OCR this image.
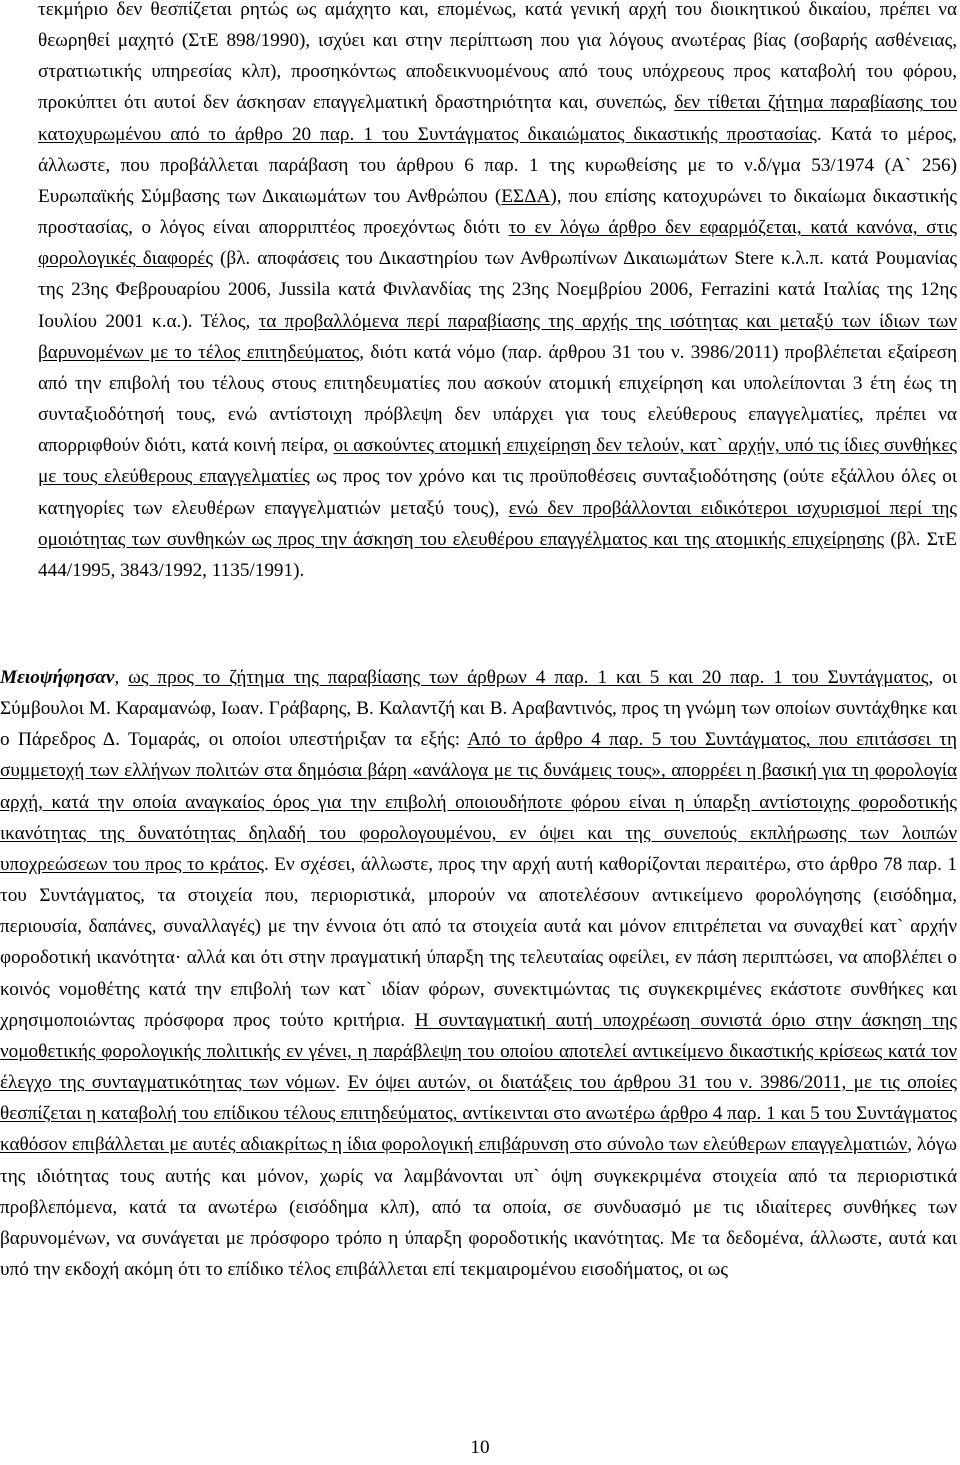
τεκμήριο δεν θεσπίζεται ρητώς ως αμάχητο και, επομένως, κατά γενική αρχή του διοικητικού δικαίου, πρέπει να θεωρηθεί μαχητό (ΣτΕ 898/1990), ισχύει και στην περίπτωση που για λόγους ανωτέρας βίας (σοβαρής ασθένειας, στρατιωτικής υπηρεσίας κλπ), προσηκόντως αποδεικνυομένους από τους υπόχρεους προς καταβολή του φόρου, προκύπτει ότι αυτοί δεν άσκησαν επαγγελματική δραστηριότητα και, συνεπώς, δεν τίθεται ζήτημα παραβίασης του κατοχυρωμένου από το άρθρο 20 παρ. 1 του Συντάγματος δικαιώματος δικαστικής προστασίας. Κατά το μέρος, άλλωστε, που προβάλλεται παράβαση του άρθρου 6 παρ. 1 της κυρωθείσης με το ν.δ/γμα 53/1974 (Α` 256) Ευρωπαϊκής Σύμβασης των Δικαιωμάτων του Ανθρώπου (ΕΣΔΑ), που επίσης κατοχυρώνει το δικαίωμα δικαστικής προστασίας, ο λόγος είναι απορριπτέος προεχόντως διότι το εν λόγω άρθρο δεν εφαρμόζεται, κατά κανόνα, στις φορολογικές διαφορές (βλ. αποφάσεις του Δικαστηρίου των Ανθρωπίνων Δικαιωμάτων Stere κ.λ.π. κατά Ρουμανίας της 23ης Φεβρουαρίου 2006, Jussila κατά Φινλανδίας της 23ης Νοεμβρίου 2006, Ferrazini κατά Ιταλίας της 12ης Ιουλίου 2001 κ.α.). Τέλος, τα προβαλλόμενα περί παραβίασης της αρχής της ισότητας και μεταξύ των ίδιων των βαρυνομένων με το τέλος επιτηδεύματος, διότι κατά νόμο (παρ. άρθρου 31 του ν. 3986/2011) προβλέπεται εξαίρεση από την επιβολή του τέλους στους επιτηδευματίες που ασκούν ατομική επιχείρηση και υπολείπονται 3 έτη έως τη συνταξιοδότησή τους, ενώ αντίστοιχη πρόβλεψη δεν υπάρχει για τους ελεύθερους επαγγελματίες, πρέπει να απορριφθούν διότι, κατά κοινή πείρα, οι ασκούντες ατομική επιχείρηση δεν τελούν, κατ` αρχήν, υπό τις ίδιες συνθήκες με τους ελεύθερους επαγγελματίες ως προς τον χρόνο και τις προϋποθέσεις συνταξιοδότησης (ούτε εξάλλου όλες οι κατηγορίες των ελευθέρων επαγγελματιών μεταξύ τους), ενώ δεν προβάλλονται ειδικότεροι ισχυρισμοί περί της ομοιότητας των συνθηκών ως προς την άσκηση του ελευθέρου επαγγέλματος και της ατομικής επιχείρησης (βλ. ΣτΕ 444/1995, 3843/1992, 1135/1991).

Μειοψήφησαν, ως προς το ζήτημα της παραβίασης των άρθρων 4 παρ. 1 και 5 και 20 παρ. 1 του Συντάγματος, οι Σύμβουλοι Μ. Καραμανώφ, Ιωαν. Γράβαρης, Β. Καλαντζή και Β. Αραβαντινός, προς τη γνώμη των οποίων συντάχθηκε και ο Πάρεδρος Δ. Τομαράς, οι οποίοι υπεστήριξαν τα εξής: Από το άρθρο 4 παρ. 5 του Συντάγματος, που επιτάσσει τη συμμετοχή των ελλήνων πολιτών στα δημόσια βάρη «ανάλογα με τις δυνάμεις τους», απορρέει η βασική για τη φορολογία αρχή, κατά την οποία αναγκαίος όρος για την επιβολή οποιουδήποτε φόρου είναι η ύπαρξη αντίστοιχης φοροδοτικής ικανότητας της δυνατότητας δηλαδή του φορολογουμένου, εν όψει και της συνεπούς εκπλήρωσης των λοιπών υποχρεώσεων του προς το κράτος. Εν σχέσει, άλλωστε, προς την αρχή αυτή καθορίζονται περαιτέρω, στο άρθρο 78 παρ. 1 του Συντάγματος, τα στοιχεία που, περιοριστικά, μπορούν να αποτελέσουν αντικείμενο φορολόγησης (εισόδημα, περιουσία, δαπάνες, συναλλαγές) με την έννοια ότι από τα στοιχεία αυτά και μόνον επιτρέπεται να συναχθεί κατ` αρχήν φοροδοτική ικανότητα· αλλά και ότι στην πραγματική ύπαρξη της τελευταίας οφείλει, εν πάση περιπτώσει, να αποβλέπει ο κοινός νομοθέτης κατά την επιβολή των κατ` ιδίαν φόρων, συνεκτιμώντας τις συγκεκριμένες εκάστοτε συνθήκες και χρησιμοποιώντας πρόσφορα προς τούτο κριτήρια. Η συνταγματική αυτή υποχρέωση συνιστά όριο στην άσκηση της νομοθετικής φορολογικής πολιτικής εν γένει, η παράβλεψη του οποίου αποτελεί αντικείμενο δικαστικής κρίσεως κατά τον έλεγχο της συνταγματικότητας των νόμων. Εν όψει αυτών, οι διατάξεις του άρθρου 31 του ν. 3986/2011, με τις οποίες θεσπίζεται η καταβολή του επίδικου τέλους επιτηδεύματος, αντίκεινται στο ανωτέρω άρθρο 4 παρ. 1 και 5 του Συντάγματος καθόσον επιβάλλεται με αυτές αδιακρίτως η ίδια φορολογική επιβάρυνση στο σύνολο των ελεύθερων επαγγελματιών, λόγω της ιδιότητας τους αυτής και μόνον, χωρίς να λαμβάνονται υπ` όψη συγκεκριμένα στοιχεία από τα περιοριστικά προβλεπόμενα, κατά τα ανωτέρω (εισόδημα κλπ), από τα οποία, σε συνδυασμό με τις ιδιαίτερες συνθήκες των βαρυνομένων, να συνάγεται με πρόσφορο τρόπο η ύπαρξη φοροδοτικής ικανότητας. Με τα δεδομένα, άλλωστε, αυτά και υπό την εκδοχή ακόμη ότι το επίδικο τέλος επιβάλλεται επί τεκμαιρομένου εισοδήματος, οι ως

10
